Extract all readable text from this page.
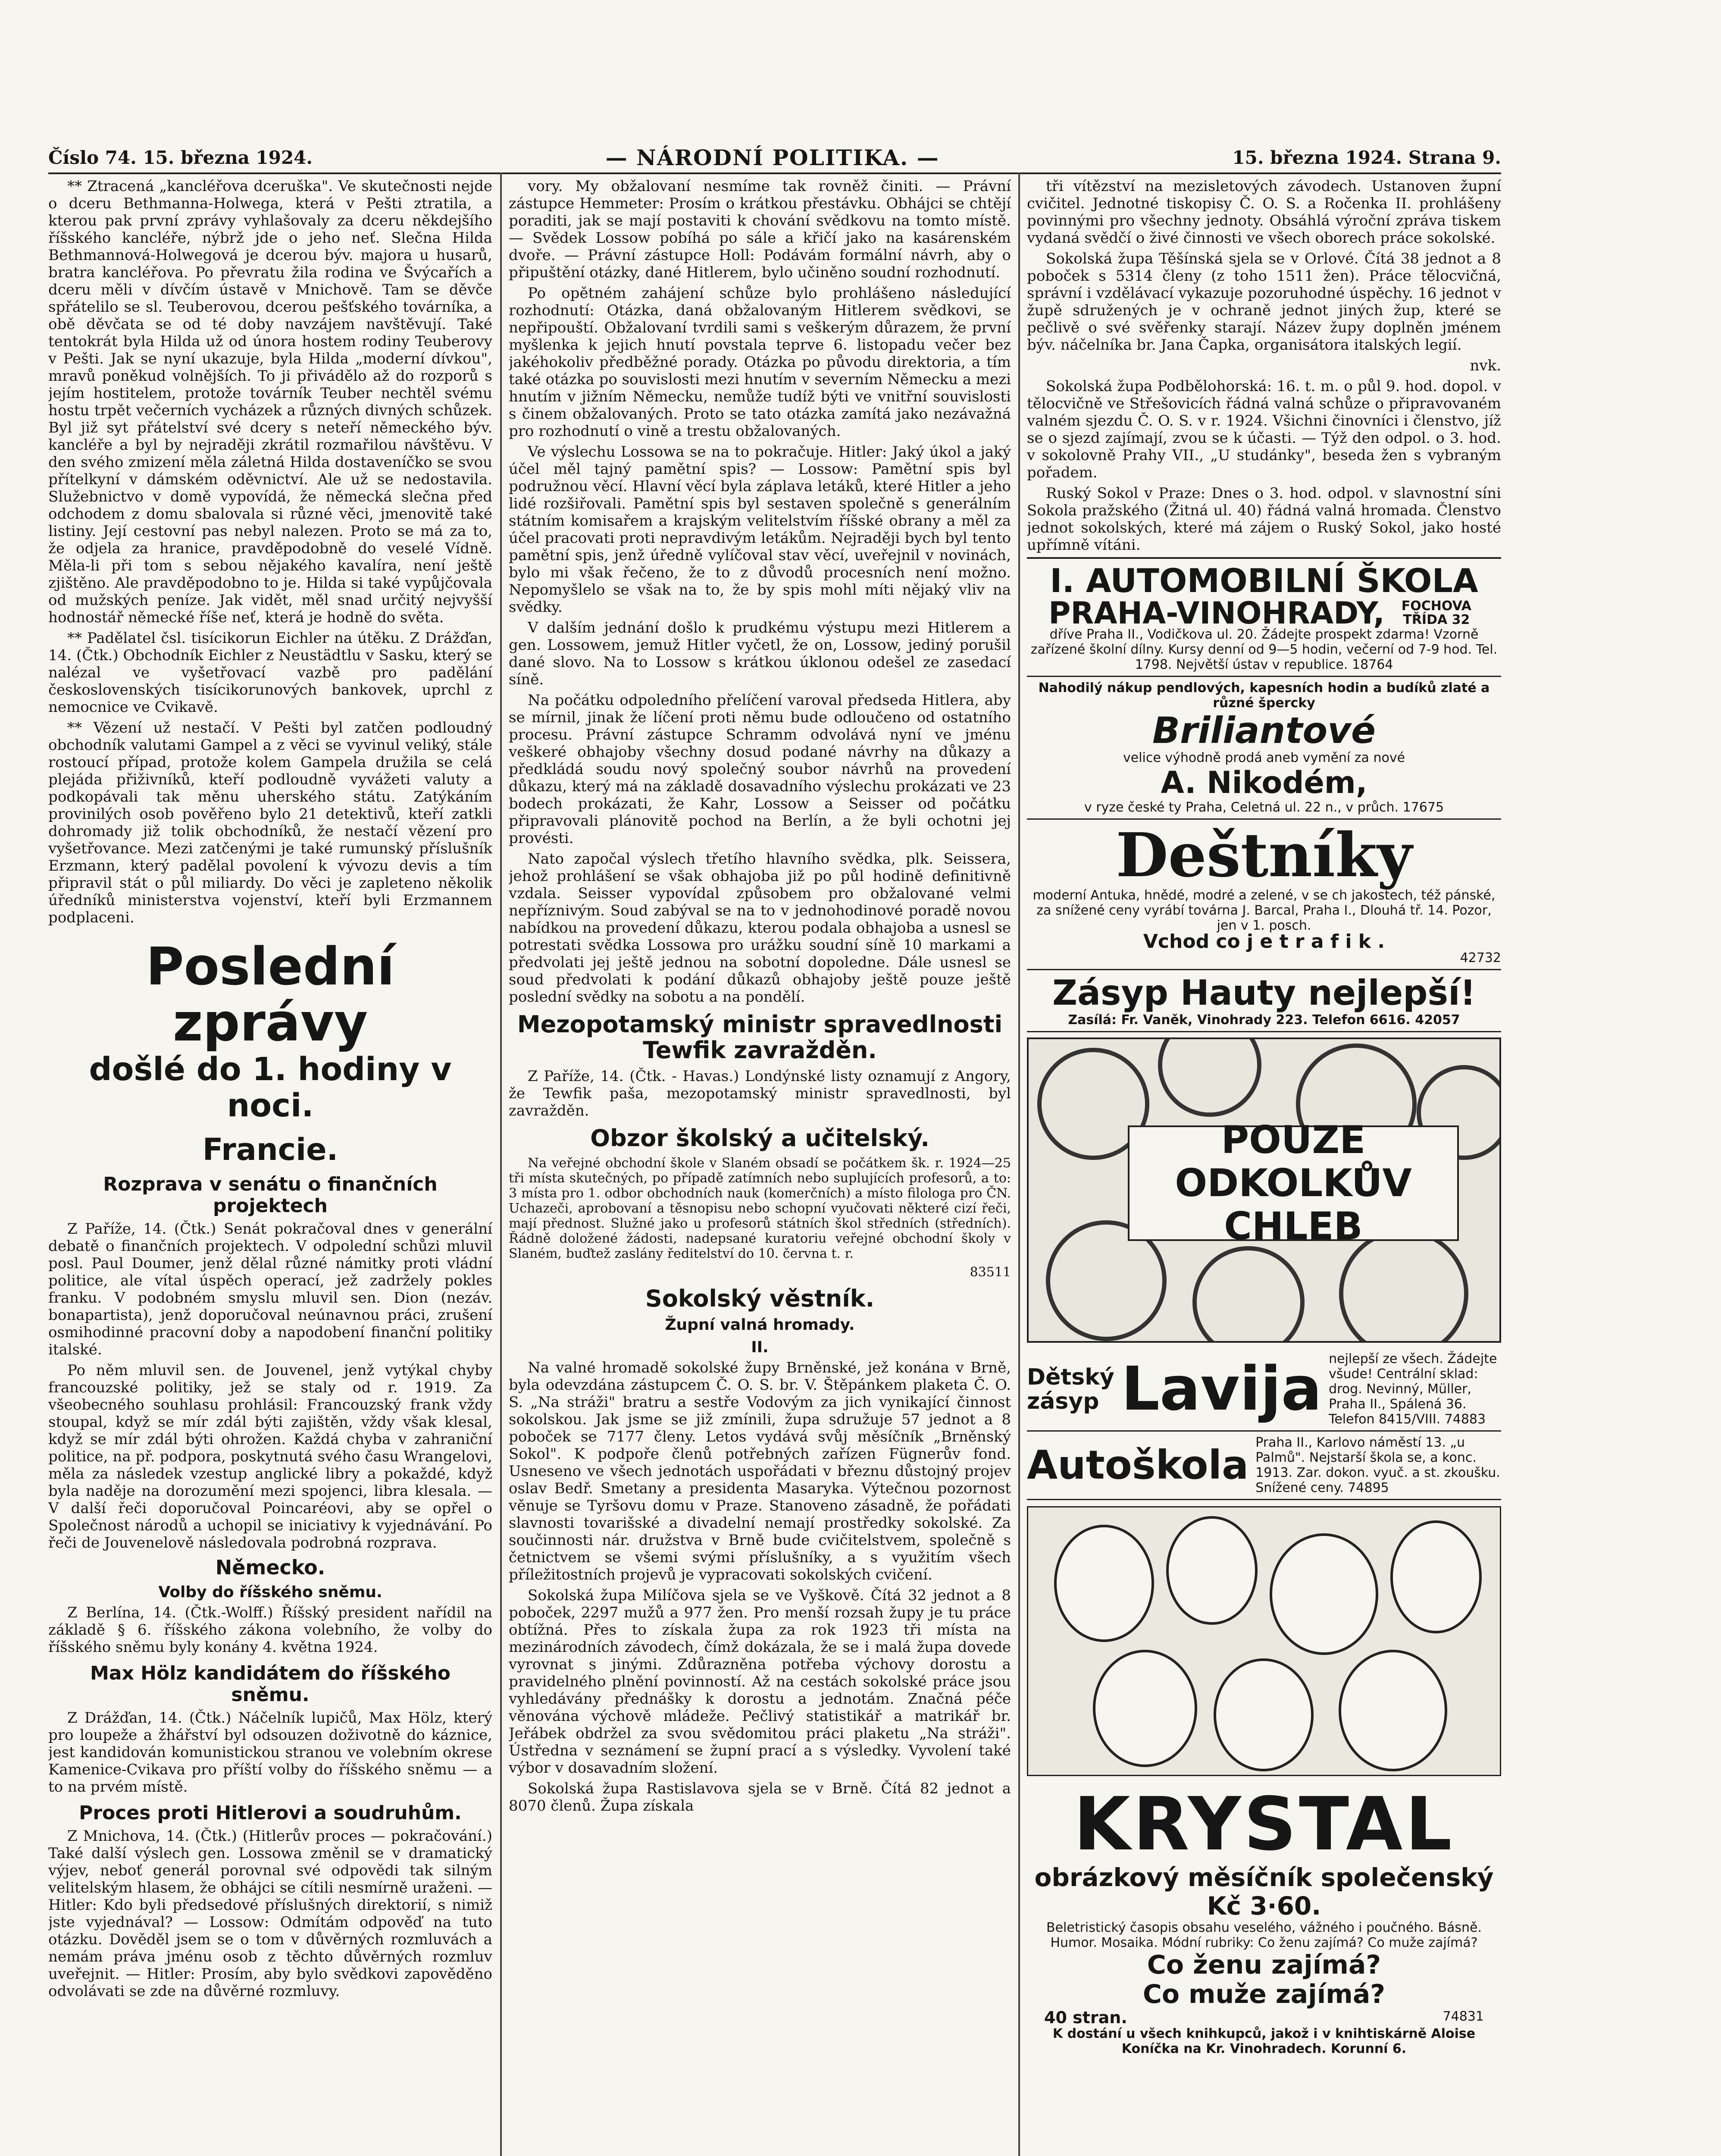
Číslo 74. 15. března 1924.	— NÁRODNÍ POLITIKA. —	15. března 1924. Strana 9.

** Ztracená „kancléřova dceruška". Ve skutečnosti nejde o dceru Bethmanna-Holwega, která v Pešti ztratila, a kterou pak první zprávy vyhlašovaly za dceru někdejšího říšského kancléře, nýbrž jde o jeho neť. Slečna Hilda Bethmannová-Holwegová je dcerou býv. majora u husarů, bratra kancléřova. Po převratu žila rodina ve Švýcařích a dceru měli v dívčím ústavě v Mnichově. Tam se děvče spřátelilo se sl. Teuberovou, dcerou pešťského továrníka, a obě děvčata se od té doby navzájem navštěvují. Také tentokrát byla Hilda už od února hostem rodiny Teuberovy v Pešti. Jak se nyní ukazuje, byla Hilda „moderní dívkou", mravů poněkud volnějších. To ji přivádělo až do rozporů s jejím hostitelem, protože továrník Teuber nechtěl svému hostu trpět večerních vycházek a různých divných schůzek. Byl již syt přátelství své dcery s neteří německého býv. kancléře a byl by nejraději zkrátil rozmařilou návštěvu. V den svého zmizení měla záletná Hilda dostaveníčko se svou přítelkyní v dámském oděvnictví. Ale už se nedostavila. Služebnictvo v domě vypovídá, že německá slečna před odchodem z domu sbalovala si různé věci, jmenovitě také listiny. Její cestovní pas nebyl nalezen. Proto se má za to, že odjela za hranice, pravděpodobně do veselé Vídně. Měla-li při tom s sebou nějakého kavalíra, není ještě zjištěno. Ale pravděpodobno to je. Hilda si také vypůjčovala od mužských peníze. Jak vidět, měl snad určitý nejvyšší hodnostář německé říše neť, která je hodně do světa.

** Padělatel čsl. tisícikorun Eichler na útěku. Z Drážďan, 14. (Čtk.) Obchodník Eichler z Neustädtlu v Sasku, který se nalézal ve vyšetřovací vazbě pro padělání československých tisícikorunových bankovek, uprchl z nemocnice ve Cvikavě.

** Vězení už nestačí. V Pešti byl zatčen podloudný obchodník valutami Gampel a z věci se vyvinul veliký, stále rostoucí případ, protože kolem Gampela družila se celá plejáda přiživníků, kteří podloudně vyvážeti valuty a podkopávali tak měnu uherského státu. Zatýkáním provinilých osob pověřeno bylo 21 detektivů, kteří zatkli dohromady již tolik obchodníků, že nestačí vězení pro vyšetřovance. Mezi zatčenými je také rumunský příslušník Erzmann, který padělal povolení k vývozu devis a tím připravil stát o půl miliardy. Do věci je zapleteno několik úředníků ministerstva vojenství, kteří byli Erzmannem podplaceni.

Poslední zprávy
došlé do 1. hodiny v noci.
Francie.
Rozprava v senátu o finančních projektech

Z Paříže, 14. (Čtk.) Senát pokračoval dnes v generální debatě o finančních projektech. V odpolední schůzi mluvil posl. Paul Doumer, jenž dělal různé námitky proti vládní politice, ale vítal úspěch operací, jež zadržely pokles franku. V podobném smyslu mluvil sen. Dion (nezáv. bonapartista), jenž doporučoval neúnavnou práci, zrušení osmihodinné pracovní doby a napodobení finanční politiky italské.

Po něm mluvil sen. de Jouvenel, jenž vytýkal chyby francouzské politiky, jež se staly od r. 1919. Za všeobecného souhlasu prohlásil: Francouzský frank vždy stoupal, když se mír zdál býti zajištěn, vždy však klesal, když se mír zdál býti ohrožen. Každá chyba v zahraniční politice, na př. podpora, poskytnutá svého času Wrangelovi, měla za následek vzestup anglické libry a pokaždé, když byla naděje na dorozumění mezi spojenci, libra klesala. — V další řeči doporučoval Poincaréovi, aby se opřel o Společnost národů a uchopil se iniciativy k vyjednávání. Po řeči de Jouvenelově následovala podrobná rozprava.

Německo.
Volby do říšského sněmu.

Z Berlína, 14. (Čtk.-Wolff.) Říšský president nařídil na základě § 6. říšského zákona volebního, že volby do říšského sněmu byly konány 4. května 1924.

Max Hölz kandidátem do říšského sněmu.

Z Drážďan, 14. (Čtk.) Náčelník lupičů, Max Hölz, který pro loupeže a žhářství byl odsouzen doživotně do káznice, jest kandidován komunistickou stranou ve volebním okrese Kamenice-Cvikava pro příští volby do říšského sněmu — a to na prvém místě.

Proces proti Hitlerovi a soudruhům.

Z Mnichova, 14. (Čtk.) (Hitlerův proces — pokračování.) Také další výslech gen. Lossowa změnil se v dramatický výjev, neboť generál porovnal své odpovědi tak silným velitelským hlasem, že obhájci se cítili nesmírně uraženi. — Hitler: Kdo byli předsedové příslušných direktorií, s nimiž jste vyjednával? — Lossow: Odmítám odpověď na tuto otázku. Dověděl jsem se o tom v důvěrných rozmluvách a nemám práva jménu osob z těchto důvěrných rozmluv uveřejnit. — Hitler: Prosím, aby bylo svědkovi zapověděno odvolávati se zde na důvěrné rozmluvy.

vory. My obžalovaní nesmíme tak rovněž činiti. — Právní zástupce Hemmeter: Prosím o krátkou přestávku. Obhájci se chtějí poraditi, jak se mají postaviti k chování svědkovu na tomto místě. — Svědek Lossow pobíhá po sále a křičí jako na kasárenském dvoře. — Právní zástupce Holl: Podávám formální návrh, aby o připuštění otázky, dané Hitlerem, bylo učiněno soudní rozhodnutí.

Po opětném zahájení schůze bylo prohlášeno následující rozhodnutí: Otázka, daná obžalovaným Hitlerem svědkovi, se nepřipouští. Obžalovaní tvrdili sami s veškerým důrazem, že první myšlenka k jejich hnutí povstala teprve 6. listopadu večer bez jakéhokoliv předběžné porady. Otázka po původu direktoria, a tím také otázka po souvislosti mezi hnutím v severním Německu a mezi hnutím v jižním Německu, nemůže tudíž býti ve vnitřní souvislosti s činem obžalovaných. Proto se tato otázka zamítá jako nezávažná pro rozhodnutí o vině a trestu obžalovaných.

Ve výslechu Lossowa se na to pokračuje. Hitler: Jaký úkol a jaký účel měl tajný pamětní spis? — Lossow: Pamětní spis byl podružnou věcí. Hlavní věcí byla záplava letáků, které Hitler a jeho lidé rozšiřovali. Pamětní spis byl sestaven společně s generálním státním komisařem a krajským velitelstvím říšské obrany a měl za účel pracovati proti nepravdivým letákům. Nejraději bych byl tento pamětní spis, jenž úředně vylíčoval stav věcí, uveřejnil v novinách, bylo mi však řečeno, že to z důvodů procesních není možno. Nepomyšlelo se však na to, že by spis mohl míti nějaký vliv na svědky.

V dalším jednání došlo k prudkému výstupu mezi Hitlerem a gen. Lossowem, jemuž Hitler vyčetl, že on, Lossow, jediný porušil dané slovo. Na to Lossow s krátkou úklonou odešel ze zasedací síně.

Na počátku odpoledního přelíčení varoval předseda Hitlera, aby se mírnil, jinak že líčení proti němu bude odloučeno od ostatního procesu. Právní zástupce Schramm odvolává nyní ve jménu veškeré obhajoby všechny dosud podané návrhy na důkazy a předkládá soudu nový společný soubor návrhů na provedení důkazu, který má na základě dosavadního výslechu prokázati ve 23 bodech prokázati, že Kahr, Lossow a Seisser od počátku připravovali plánovitě pochod na Berlín, a že byli ochotni jej provésti.

Nato započal výslech třetího hlavního svědka, plk. Seissera, jehož prohlášení se však obhajoba již po půl hodině definitivně vzdala. Seisser vypovídal způsobem pro obžalované velmi nepříznivým. Soud zabýval se na to v jednohodinové poradě novou nabídkou na provedení důkazu, kterou podala obhajoba a usnesl se potrestati svědka Lossowa pro urážku soudní síně 10 markami a předvolati jej ještě jednou na sobotní dopoledne. Dále usnesl se soud předvolati k podání důkazů obhajoby ještě pouze ještě poslední svědky na sobotu a na pondělí.

Mezopotamský ministr spravedlnosti Tewfik zavražděn.

Z Paříže, 14. (Čtk. - Havas.) Londýnské listy oznamují z Angory, že Tewfik paša, mezopotamský ministr spravedlnosti, byl zavražděn.

Obzor školský a učitelský.

Na veřejné obchodní škole v Slaném obsadí se počátkem šk. r. 1924—25 tři místa skutečných, po případě zatímních nebo suplujících profesorů, a to: 3 místa pro 1. odbor obchodních nauk (komerčních) a místo filologa pro ČN. Uchazeči, aprobovaní a těsnopisu nebo schopní vyučovati některé cizí řeči, mají přednost. Služné jako u profesorů státních škol středních (středních). Řádně doložené žádosti, nadepsané kuratoriu veřejné obchodní školy v Slaném, buďtež zaslány ředitelství do 10. června t. r.

83511

Sokolský věstník.
Župní valná hromady.
II.

Na valné hromadě sokolské župy Brněnské, jež konána v Brně, byla odevzdána zástupcem Č. O. S. br. V. Štěpánkem plaketa Č. O. S. „Na stráži" bratru a sestře Vodovým za jich vynikající činnost sokolskou. Jak jsme se již zmínili, župa sdružuje 57 jednot a 8 poboček se 7177 členy. Letos vydává svůj měsíčník „Brněnský Sokol". K podpoře členů potřebných zařízen Fügnerův fond. Usneseno ve všech jednotách uspořádati v březnu důstojný projev oslav Bedř. Smetany a presidenta Masaryka. Výtečnou pozornost věnuje se Tyršovu domu v Praze. Stanoveno zásadně, že pořádati slavnosti tovarišské a divadelní nemají prostředky sokolské. Za součinnosti nár. družstva v Brně bude cvičitelstvem, společně s četnictvem se všemi svými příslušníky, a s využitím všech příležitostních projevů je vypracovati sokolských cvičení.

Sokolská župa Milíčova sjela se ve Vyškově. Čítá 32 jednot a 8 poboček, 2297 mužů a 977 žen. Pro menší rozsah župy je tu práce obtížná. Přes to získala župa za rok 1923 tři místa na mezinárodních závodech, čímž dokázala, že se i malá župa dovede vyrovnat s jinými. Zdůrazněna potřeba výchovy dorostu a pravidelného plnění povinností. Až na cestách sokolské práce jsou vyhledávány přednášky k dorostu a jednotám. Značná péče věnována výchově mládeže. Pečlivý statistikář a matrikář br. Jeřábek obdržel za svou svědomitou práci plaketu „Na stráži". Ústředna v seznámení se župní prací a s výsledky. Vyvolení také výbor v dosavadním složení.

Sokolská župa Rastislavova sjela se v Brně. Čítá 82 jednot a 8070 členů. Župa získala

tři vítězství na mezisletových závodech. Ustanoven župní cvičitel. Jednotné tiskopisy Č. O. S. a Ročenka II. prohlášeny povinnými pro všechny jednoty. Obsáhlá výroční zpráva tiskem vydaná svědčí o živé činnosti ve všech oborech práce sokolské.

Sokolská župa Těšínská sjela se v Orlové. Čítá 38 jednot a 8 poboček s 5314 členy (z toho 1511 žen). Práce tělocvičná, správní i vzdělávací vykazuje pozoruhodné úspěchy. 16 jednot v župě sdružených je v ochraně jednot jiných žup, které se pečlivě o své svěřenky starají. Název župy doplněn jménem býv. náčelníka br. Jana Čapka, organisátora italských legií.

nvk.

Sokolská župa Podbělohorská: 16. t. m. o půl 9. hod. dopol. v tělocvičně ve Střešovicích řádná valná schůze o připravovaném valném sjezdu Č. O. S. v r. 1924. Všichni činovníci i členstvo, jíž se o sjezd zajímají, zvou se k účasti. — Týž den odpol. o 3. hod. v sokolovně Prahy VII., „U studánky", beseda žen s vybraným pořadem.

Ruský Sokol v Praze: Dnes o 3. hod. odpol. v slavnostní síni Sokola pražského (Žitná ul. 40) řádná valná hromada. Členstvo jednot sokolských, které má zájem o Ruský Sokol, jako hosté upřímně vítáni.

I. AUTOMOBILNÍ ŠKOLA
PRAHA-VINOHRADY,	FOCHOVA TŘÍDA 32
dříve Praha II., Vodičkova ul. 20. Žádejte prospekt zdarma! Vzorně zařízené školní dílny. Kursy denní od 9—5 hodin, večerní od 7-9 hod. Tel. 1798. Největší ústav v republice. 18764
Nahodilý nákup pendlových, kapesních hodin a budíků zlaté a různé špercky
Briliantové
velice výhodně prodá aneb vymění za nové
A. Nikodém,
v ryze české ty Praha, Celetná ul. 22 n., v průch. 17675
Deštníky
moderní Antuka, hnědé, modré a zelené, v se ch jakostech, též pánské, za snížené ceny vyrábí továrna J. Barcal, Praha I., Dlouhá tř. 14. Pozor, jen v 1. posch.
Vchod co j e t r a f i k .
42732
Zásyp Hauty nejlepší!
Zasílá: Fr. Vaněk, Vinohrady 223. Telefon 6616. 42057
POUZE
ODKOLKŮV
CHLEB
Dětský zásyp Lavija nejlepší ze všech. Žádejte všude! Centrální sklad: drog. Nevinný, Müller, Praha II., Spálená 36. Telefon 8415/VIII. 74883
Autoškola Praha II., Karlovo náměstí 13. „u Palmů". Nejstarší škola se, a konc. 1913. Zar. dokon. vyuč. a st. zkoušku. Snížené ceny. 74895
KRYSTAL
obrázkový měsíčník společenský
Kč 3·60.
Beletristický časopis obsahu veselého, vážného i poučného. Básně. Humor. Mosaika. Módní rubriky: Co ženu zajímá? Co muže zajímá?
Co ženu zajímá?
Co muže zajímá?
40 stran.	74831
K dostání u všech knihkupců, jakož i v knihtiskárně Aloise Koníčka na Kr. Vinohradech. Korunní 6.
